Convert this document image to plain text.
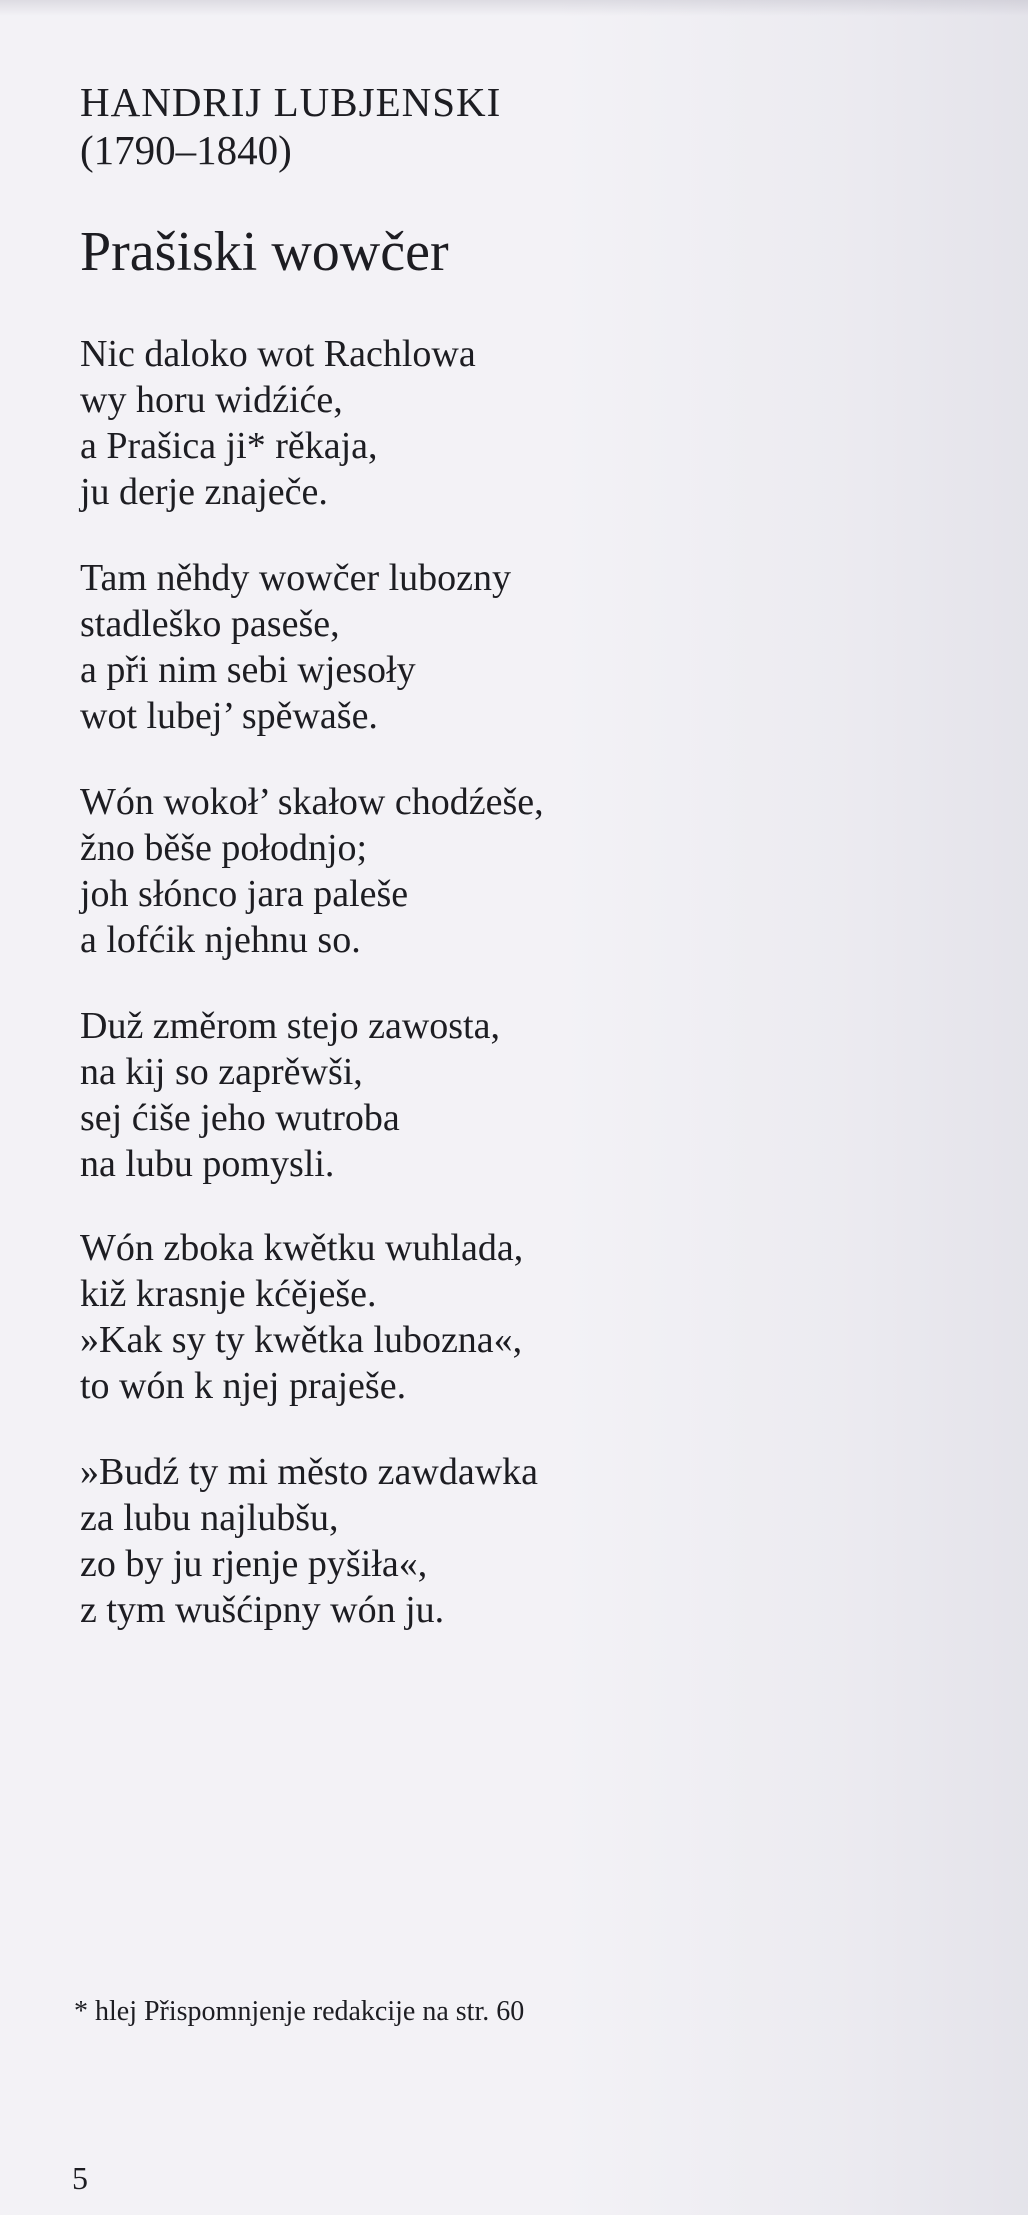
HANDRIJ LUBJENSKI
(1790–1840)
Prašiski wowčer
Nic daloko wot Rachlowa
wy horu widźiće,
a Prašica ji* rěkaja,
ju derje znaječe.
Tam něhdy wowčer lubozny
stadleško paseše,
a při nim sebi wjesoły
wot lubej’ spěwaše.
Wón wokoł’ skałow chodźeše,
žno běše połodnjo;
joh słónco jara paleše
a lofćik njehnu so.
Duž změrom stejo zawosta,
na kij so zaprěwši,
sej ćiše jeho wutroba
na lubu pomysli.
Wón zboka kwětku wuhlada,
kiž krasnje kćěješe.
»Kak sy ty kwětka lubozna«,
to wón k njej praješe.
»Budź ty mi město zawdawka
za lubu najlubšu,
zo by ju rjenje pyšiła«,
z tym wušćipny wón ju.
* hlej Přispomnjenje redakcije na str. 60
5
